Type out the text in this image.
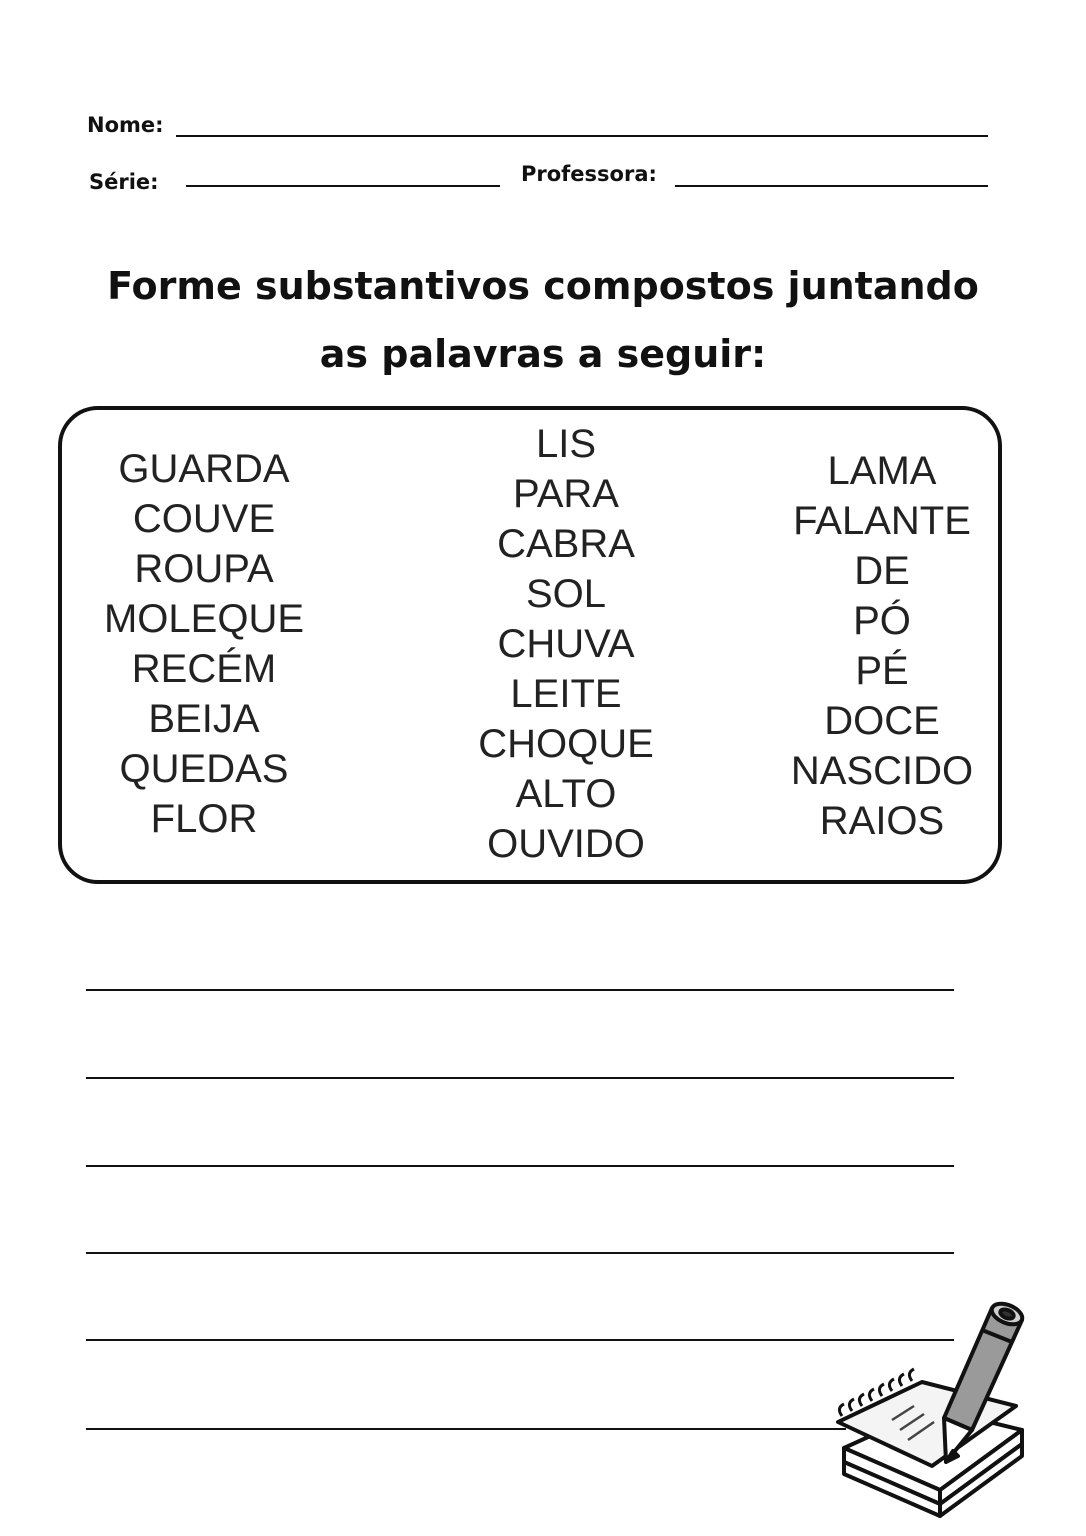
Nome:
Série:	Professora:
Forme substantivos compostos juntando
as palavras a seguir:
GUARDA
COUVE
ROUPA
MOLEQUE
RECÉM
BEIJA
QUEDAS
FLOR
LIS
PARA
CABRA
SOL
CHUVA
LEITE
CHOQUE
ALTO
OUVIDO
LAMA
FALANTE
DE
PÓ
PÉ
DOCE
NASCIDO
RAIOS
